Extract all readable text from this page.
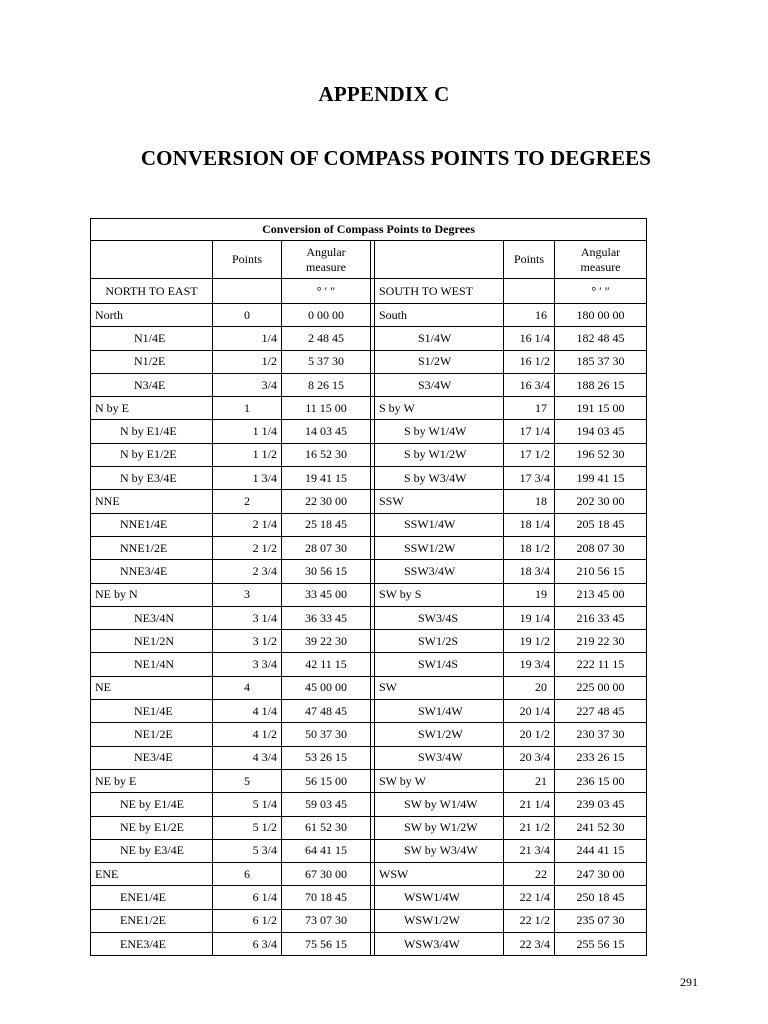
APPENDIX C
CONVERSION OF COMPASS POINTS TO DEGREES
Conversion of Compass Points to Degrees						
	Points	Angular measure			Points	Angular measure
NORTH TO EAST		° ′ ″		SOUTH TO WEST		° ′ ″
North	0	0 00 00		South	16	180 00 00
N1/4E	1/4	2 48 45		S1/4W	16 1/4	182 48 45
N1/2E	1/2	5 37 30		S1/2W	16 1/2	185 37 30
N3/4E	3/4	8 26 15		S3/4W	16 3/4	188 26 15
N by E	1	11 15 00		S by W	17	191 15 00
N by E1/4E	1 1/4	14 03 45		S by W1/4W	17 1/4	194 03 45
N by E1/2E	1 1/2	16 52 30		S by W1/2W	17 1/2	196 52 30
N by E3/4E	1 3/4	19 41 15		S by W3/4W	17 3/4	199 41 15
NNE	2	22 30 00		SSW	18	202 30 00
NNE1/4E	2 1/4	25 18 45		SSW1/4W	18 1/4	205 18 45
NNE1/2E	2 1/2	28 07 30		SSW1/2W	18 1/2	208 07 30
NNE3/4E	2 3/4	30 56 15		SSW3/4W	18 3/4	210 56 15
NE by N	3	33 45 00		SW by S	19	213 45 00
NE3/4N	3 1/4	36 33 45		SW3/4S	19 1/4	216 33 45
NE1/2N	3 1/2	39 22 30		SW1/2S	19 1/2	219 22 30
NE1/4N	3 3/4	42 11 15		SW1/4S	19 3/4	222 11 15
NE	4	45 00 00		SW	20	225 00 00
NE1/4E	4 1/4	47 48 45		SW1/4W	20 1/4	227 48 45
NE1/2E	4 1/2	50 37 30		SW1/2W	20 1/2	230 37 30
NE3/4E	4 3/4	53 26 15		SW3/4W	20 3/4	233 26 15
NE by E	5	56 15 00		SW by W	21	236 15 00
NE by E1/4E	5 1/4	59 03 45		SW by W1/4W	21 1/4	239 03 45
NE by E1/2E	5 1/2	61 52 30		SW by W1/2W	21 1/2	241 52 30
NE by E3/4E	5 3/4	64 41 15		SW by W3/4W	21 3/4	244 41 15
ENE	6	67 30 00		WSW	22	247 30 00
ENE1/4E	6 1/4	70 18 45		WSW1/4W	22 1/4	250 18 45
ENE1/2E	6 1/2	73 07 30		WSW1/2W	22 1/2	235 07 30
ENE3/4E	6 3/4	75 56 15		WSW3/4W	22 3/4	255 56 15
291
